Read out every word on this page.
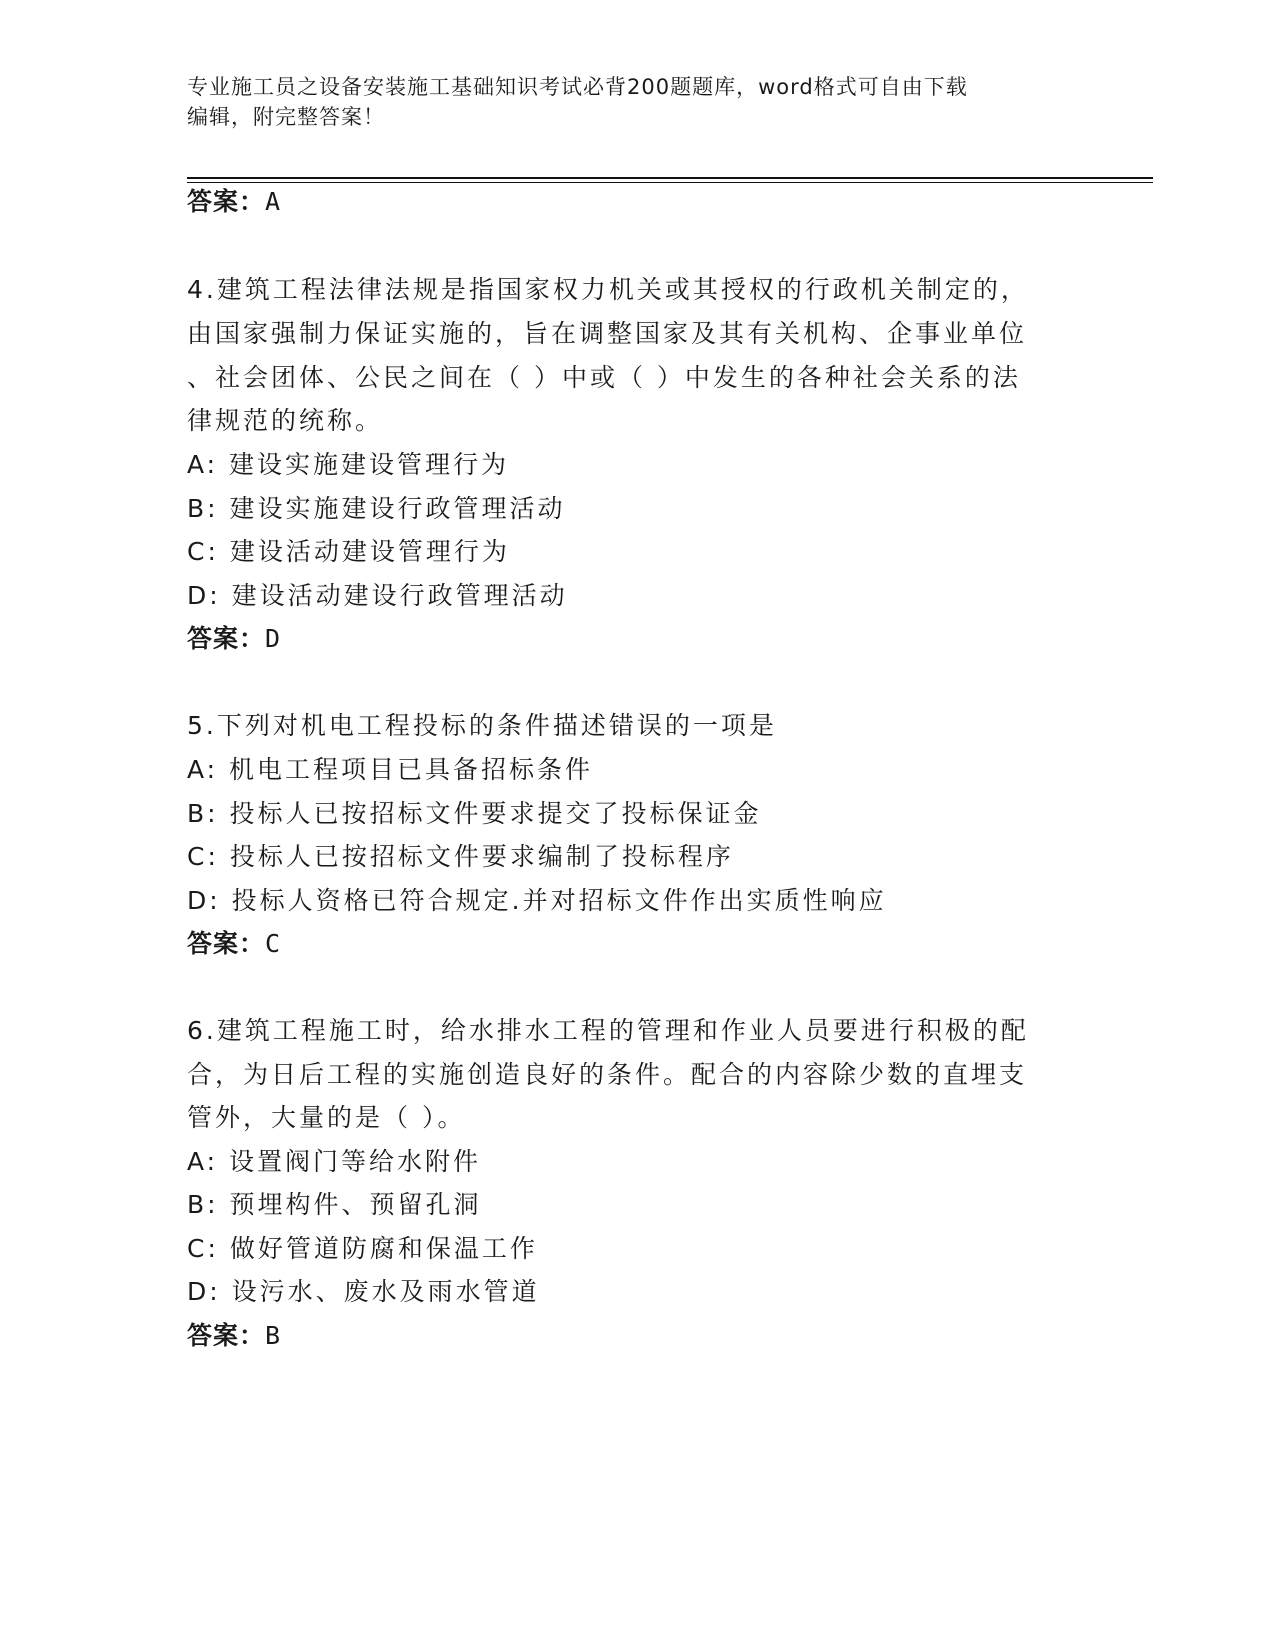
专业施工员之设备安装施工基础知识考试必背200题题库，word格式可自由下载
编辑，附完整答案！
答案：A
4.建筑工程法律法规是指国家权力机关或其授权的行政机关制定的，
由国家强制力保证实施的，旨在调整国家及其有关机构、企事业单位
、社会团体、公民之间在（ ）中或（ ）中发生的各种社会关系的法
律规范的统称。
A: 建设实施建设管理行为
B: 建设实施建设行政管理活动
C: 建设活动建设管理行为
D: 建设活动建设行政管理活动
答案：D
5.下列对机电工程投标的条件描述错误的一项是
A: 机电工程项目已具备招标条件
B: 投标人已按招标文件要求提交了投标保证金
C: 投标人已按招标文件要求编制了投标程序
D: 投标人资格已符合规定.并对招标文件作出实质性响应
答案：C
6.建筑工程施工时，给水排水工程的管理和作业人员要进行积极的配
合，为日后工程的实施创造良好的条件。配合的内容除少数的直埋支
管外，大量的是（ ）。
A: 设置阀门等给水附件
B: 预埋构件、预留孔洞
C: 做好管道防腐和保温工作
D: 设污水、废水及雨水管道
答案：B
